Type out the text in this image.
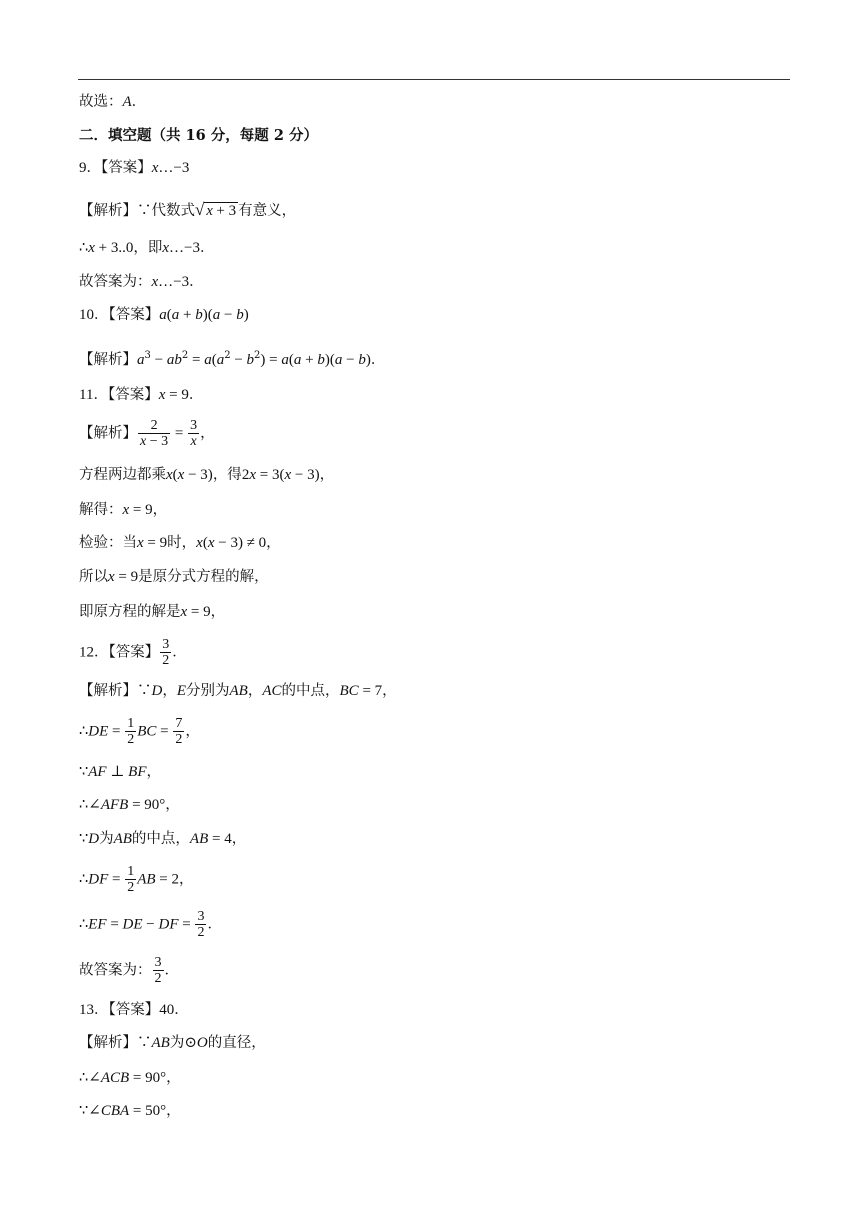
故选：A．
二．填空题（共 16 分，每题 2 分）
9．【答案】x…−3
【解析】∵代数式√ x + 3 有意义，
∴x + 3..0，即x…−3．
故答案为：x…−3．
10．【答案】a(a + b)(a − b)
【解析】$a^3 - ab^2 = a(a^2 - b^2) = a(a + b)(a - b)$．
11．【答案】x = 9．
【解析】 $\frac{2}{x - 3} = \frac{3}{x}$ ，
方程两边都乘x(x − 3)，得2x = 3(x − 3)，
解得：x = 9，
检验：当x = 9时，x(x − 3) ≠ 0，
所以x = 9是原分式方程的解，
即原方程的解是x = 9，
12．【答案】 $\frac{3}{2}$ ．
【解析】∵D，E分别为AB，AC的中点，BC = 7，
∴DE = $\frac{1}{2}$ BC = $\frac{7}{2}$ ，
∵AF ⊥ BF，
∴∠AFB = 90°，
∵D为AB的中点，AB = 4，
∴DF = $\frac{1}{2}$ AB = 2，
∴EF = DE − DF = $\frac{3}{2}$ ．
故答案为： $\frac{3}{2}$ ．
13．【答案】40．
【解析】∵AB为⊙O的直径，
∴∠ACB = 90°，
∵∠CBA = 50°，
